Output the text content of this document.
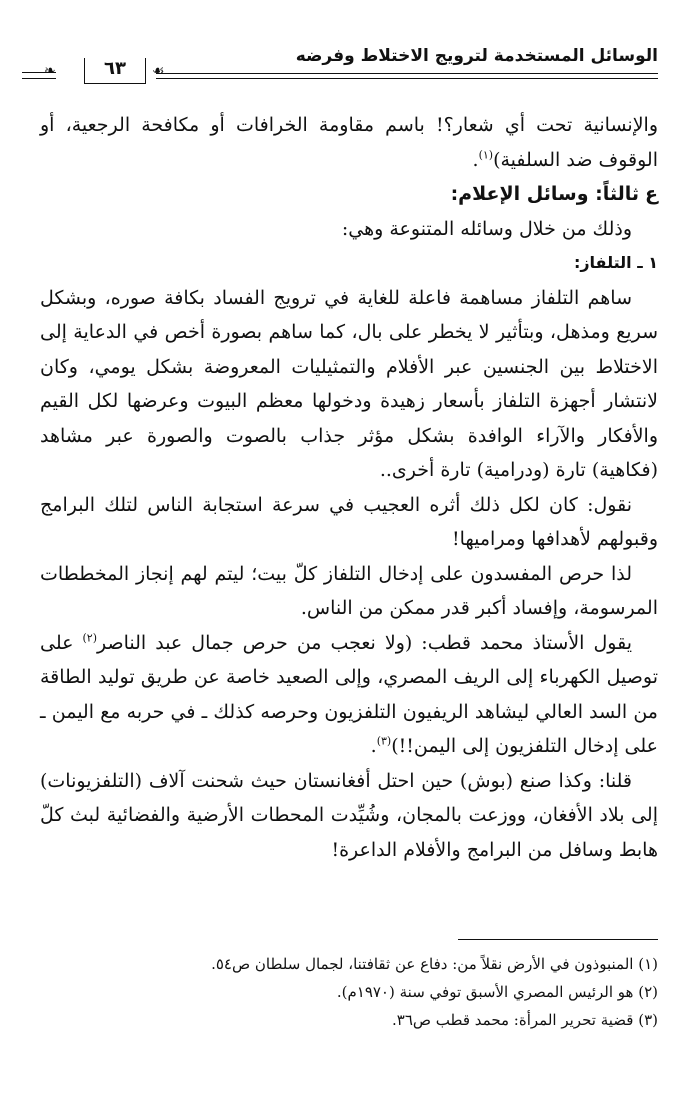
الوسائل المستخدمة لترويج الاختلاط وفرضه
٦٣
❧	☙

والإنسانية تحت أي شعار؟! باسم مقاومة الخرافات أو مكافحة الرجعية، أو الوقوف ضد السلفية)$^{(١)}$.

عثالثاً: وسائل الإعلام:

وذلك من خلال وسائله المتنوعة وهي:

١ ـ التلفاز:

ساهم التلفاز مساهمة فاعلة للغاية في ترويج الفساد بكافة صوره، وبشكل سريع ومذهل، وبتأثير لا يخطر على بال، كما ساهم بصورة أخص في الدعاية إلى الاختلاط بين الجنسين عبر الأفلام والتمثيليات المعروضة بشكل يومي، وكان لانتشار أجهزة التلفاز بأسعار زهيدة ودخولها معظم البيوت وعرضها لكل القيم والأفكار والآراء الوافدة بشكل مؤثر جذاب بالصوت والصورة عبر مشاهد (فكاهية) تارة (ودرامية) تارة أخرى..

نقول: كان لكل ذلك أثره العجيب في سرعة استجابة الناس لتلك البرامج وقبولهم لأهدافها ومراميها!

لذا حرص المفسدون على إدخال التلفاز كلّ بيت؛ ليتم لهم إنجاز المخططات المرسومة، وإفساد أكبر قدر ممكن من الناس.

يقول الأستاذ محمد قطب: (ولا نعجب من حرص جمال عبد الناصر$^{(٢)}$ على توصيل الكهرباء إلى الريف المصري، وإلى الصعيد خاصة عن طريق توليد الطاقة من السد العالي ليشاهد الريفيون التلفزيون وحرصه كذلك ـ في حربه مع اليمن ـ على إدخال التلفزيون إلى اليمن!!)$^{(٣)}$.

قلنا: وكذا صنع (بوش) حين احتل أفغانستان حيث شحنت آلاف (التلفزيونات) إلى بلاد الأفغان، ووزعت بالمجان، وشُيِّدت المحطات الأرضية والفضائية لبث كلّ هابط وسافل من البرامج والأفلام الداعرة!

(١) المنبوذون في الأرض نقلاً من: دفاع عن ثقافتنا، لجمال سلطان ص٥٤.

(٢) هو الرئيس المصري الأسبق توفي سنة (١٩٧٠م).

(٣) قضية تحرير المرأة: محمد قطب ص٣٦.
